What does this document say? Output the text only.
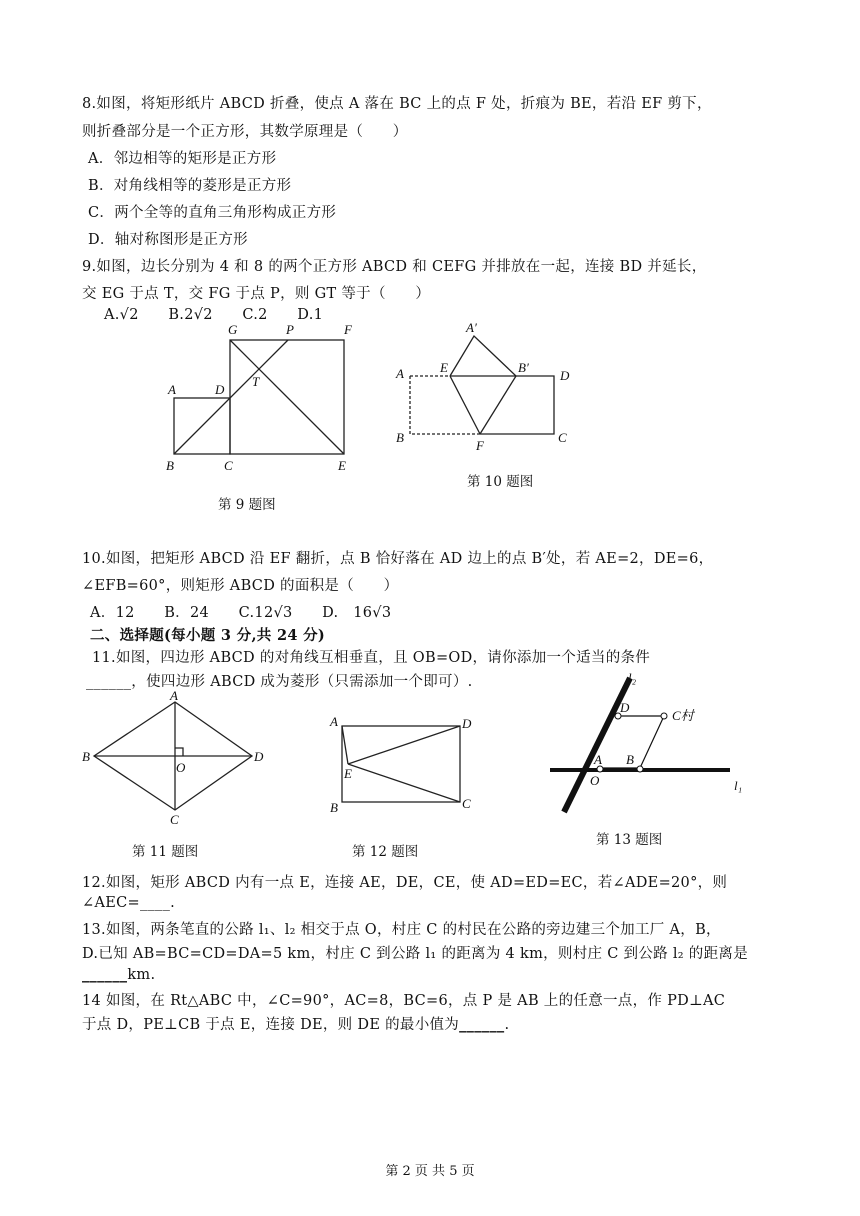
8.如图，将矩形纸片 ABCD 折叠，使点 A 落在 BC 上的点 F 处，折痕为 BE，若沿 EF 剪下，
则折叠部分是一个正方形，其数学原理是（　　）
A．邻边相等的矩形是正方形
B．对角线相等的菱形是正方形
C．两个全等的直角三角形构成正方形
D．轴对称图形是正方形
9.如图，边长分别为 4 和 8 的两个正方形 ABCD 和 CEFG 并排放在一起，连接 BD 并延长，
交 EG 于点 T，交 FG 于点 P，则 GT 等于（　　）
A.√2　　B.2√2　　C.2　　D.1
G	P	F
A	D
T
B	C	E
第 9 题图
A′
A	E	B′
D
B
F
C
第 10 题图
10.如图，把矩形 ABCD 沿 EF 翻折，点 B 恰好落在 AD 边上的点 B′处，若 AE=2，DE=6，
∠EFB=60°，则矩形 ABCD 的面积是（　　）
A．12　　B．24　　C.12√3　　D.　16√3
二、选择题(每小题 3 分,共 24 分)
11.如图，四边形 ABCD 的对角线互相垂直，且 OB=OD，请你添加一个适当的条件
______，使四边形 ABCD 成为菱形（只需添加一个即可）.
A
B
O
D
C
第 11 题图
A	D
E
B	C
第 12 题图
l₂
D
C村
O
A B
l₁
第 13 题图
12.如图，矩形 ABCD 内有一点 E，连接 AE，DE，CE，使 AD=ED=EC，若∠ADE=20°，则
∠AEC=____.
13.如图，两条笔直的公路 l₁、l₂ 相交于点 O，村庄 C 的村民在公路的旁边建三个加工厂 A，B，
D.已知 AB=BC=CD=DA=5 km，村庄 C 到公路 l₁ 的距离为 4 km，则村庄 C 到公路 l₂ 的距离是
______km.
14 如图，在 Rt△ABC 中，∠C=90°，AC=8，BC=6，点 P 是 AB 上的任意一点，作 PD⊥AC
于点 D，PE⊥CB 于点 E，连接 DE，则 DE 的最小值为______.
第 2 页 共 5 页
